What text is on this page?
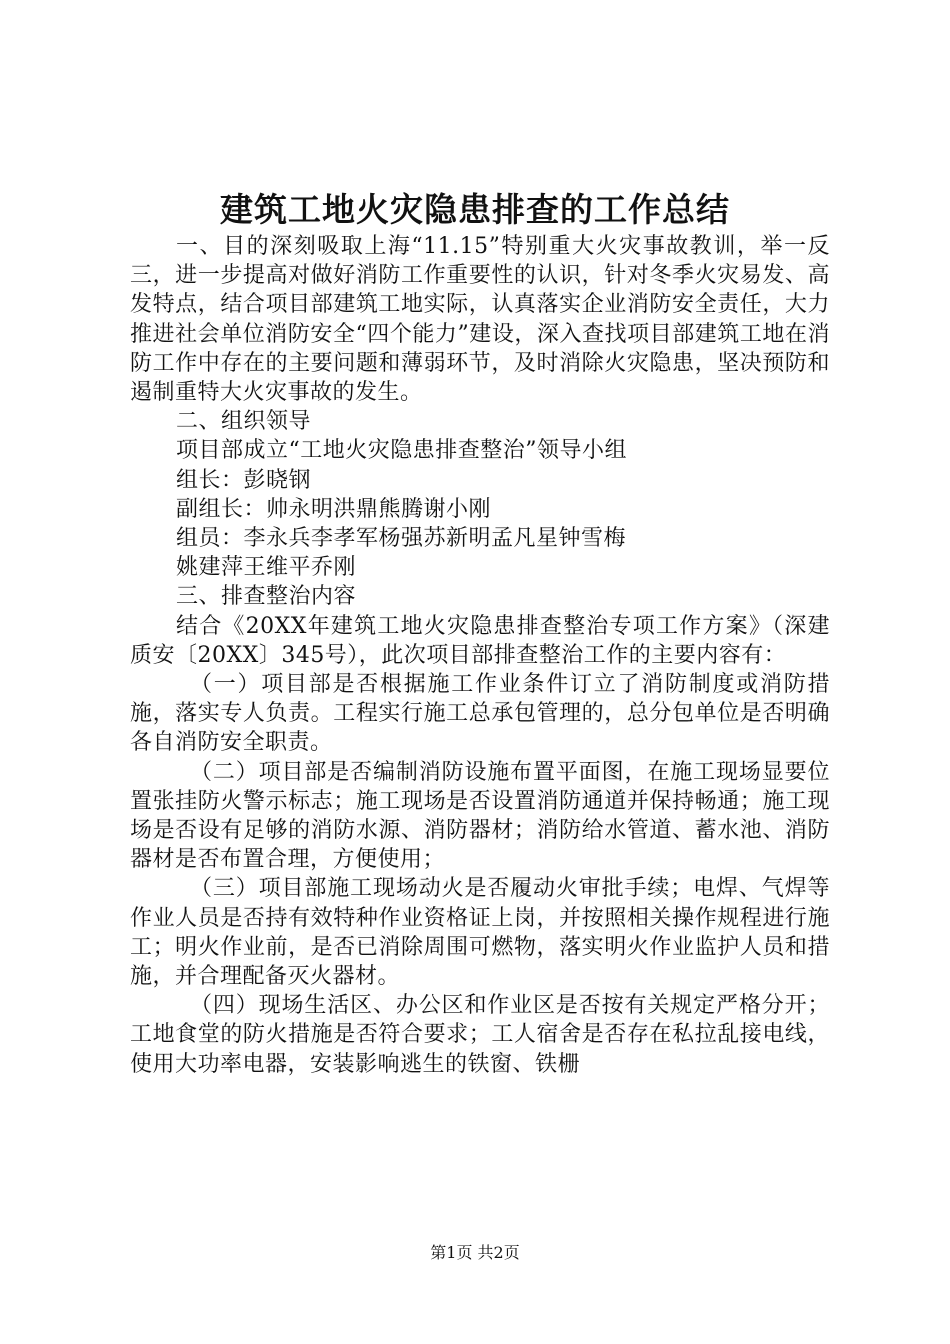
建筑工地火灾隐患排查的工作总结

一、目的深刻吸取上海“11.15”特别重大火灾事故教训，举一反三，进一步提高对做好消防工作重要性的认识，针对冬季火灾易发、高发特点，结合项目部建筑工地实际，认真落实企业消防安全责任，大力推进社会单位消防安全“四个能力”建设，深入查找项目部建筑工地在消防工作中存在的主要问题和薄弱环节，及时消除火灾隐患，坚决预防和遏制重特大火灾事故的发生。

二、组织领导

项目部成立“工地火灾隐患排查整治”领导小组

组长：彭晓钢

副组长：帅永明洪鼎熊腾谢小刚

组员：李永兵李孝军杨强苏新明孟凡星钟雪梅

姚建萍王维平乔刚

三、排查整治内容

结合《20XX年建筑工地火灾隐患排查整治专项工作方案》（深建质安〔20XX〕345号），此次项目部排查整治工作的主要内容有：

（一）项目部是否根据施工作业条件订立了消防制度或消防措施，落实专人负责。工程实行施工总承包管理的，总分包单位是否明确各自消防安全职责。

（二）项目部是否编制消防设施布置平面图，在施工现场显要位置张挂防火警示标志；施工现场是否设置消防通道并保持畅通；施工现场是否设有足够的消防水源、消防器材；消防给水管道、蓄水池、消防器材是否布置合理，方便使用；

（三）项目部施工现场动火是否履动火审批手续；电焊、气焊等作业人员是否持有效特种作业资格证上岗，并按照相关操作规程进行施工；明火作业前，是否已消除周围可燃物，落实明火作业监护人员和措施，并合理配备灭火器材。

（四）现场生活区、办公区和作业区是否按有关规定严格分开；工地食堂的防火措施是否符合要求；工人宿舍是否存在私拉乱接电线，使用大功率电器，安装影响逃生的铁窗、铁栅

第1页 共2页
